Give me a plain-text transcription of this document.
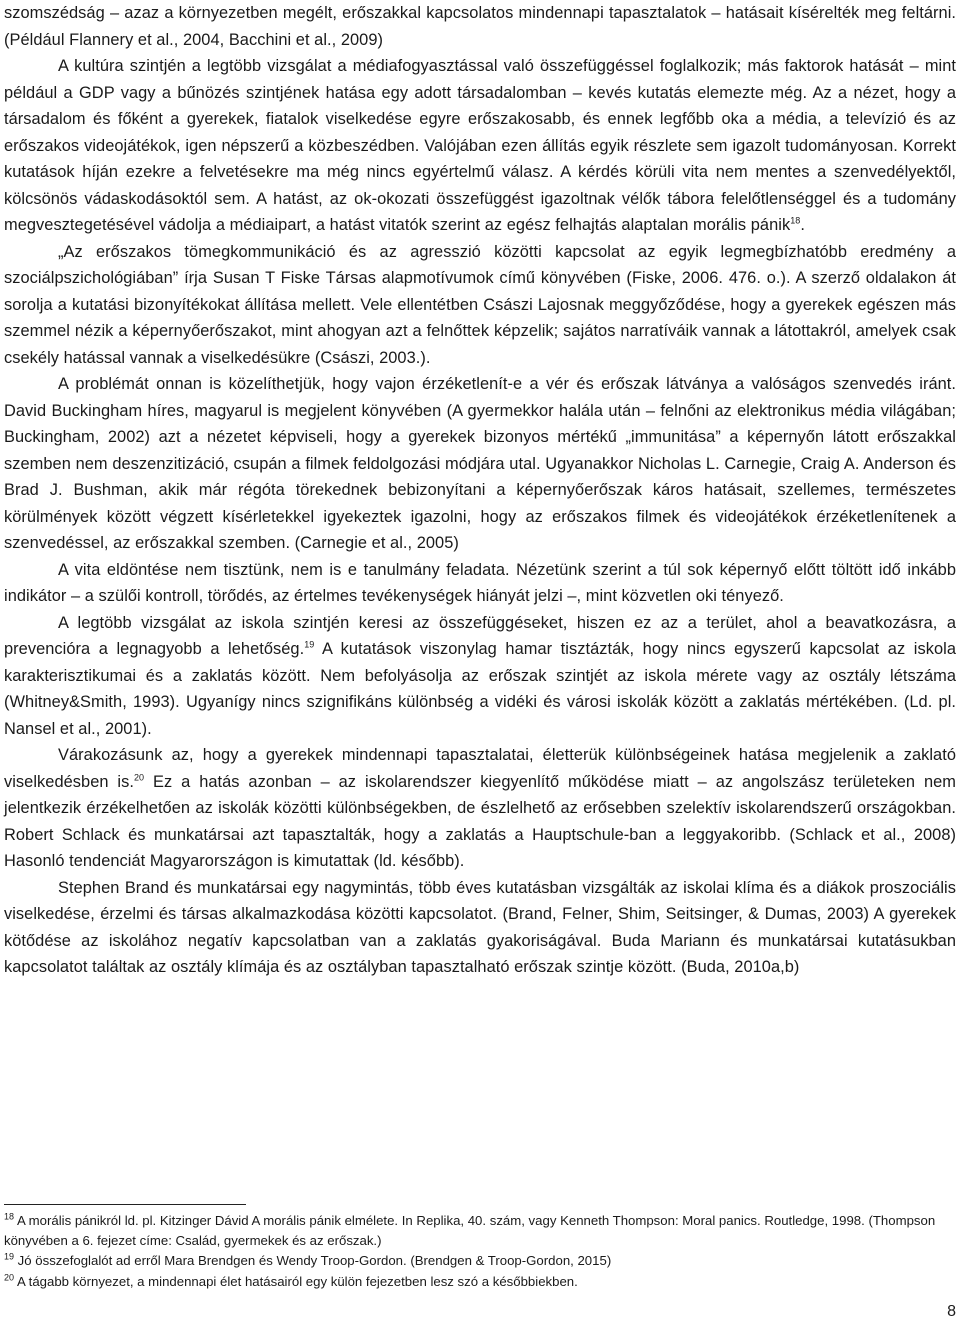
szomszédság – azaz a környezetben megélt, erőszakkal kapcsolatos mindennapi tapasztalatok – hatásait kísérelték meg feltárni. (Például Flannery et al., 2004, Bacchini et al., 2009)

A kultúra szintjén a legtöbb vizsgálat a médiafogyasztással való összefüggéssel foglalkozik; más faktorok hatását – mint például a GDP vagy a bűnözés szintjének hatása egy adott társadalomban – kevés kutatás elemezte még. Az a nézet, hogy a társadalom és főként a gyerekek, fiatalok viselkedése egyre erőszakosabb, és ennek legfőbb oka a média, a televízió és az erőszakos videojátékok, igen népszerű a közbeszédben. Valójában ezen állítás egyik részlete sem igazolt tudományosan. Korrekt kutatások híján ezekre a felvetésekre ma még nincs egyértelmű válasz. A kérdés körüli vita nem mentes a szenvedélyektől, kölcsönös vádaskodásoktól sem. A hatást, az ok-okozati összefüggést igazoltnak vélők tábora felelőtlenséggel és a tudomány megvesztegetésével vádolja a médiaipart, a hatást vitatók szerint az egész felhajtás alaptalan morális pánik$^{18}$.

„Az erőszakos tömegkommunikáció és az agresszió közötti kapcsolat az egyik legmegbízhatóbb eredmény a szociálpszichológiában” írja Susan T Fiske Társas alapmotívumok című könyvében (Fiske, 2006. 476. o.). A szerző oldalakon át sorolja a kutatási bizonyítékokat állítása mellett. Vele ellentétben Császi Lajosnak meggyőződése, hogy a gyerekek egészen más szemmel nézik a képernyőerőszakot, mint ahogyan azt a felnőttek képzelik; sajátos narratíváik vannak a látottakról, amelyek csak csekély hatással vannak a viselkedésükre (Császi, 2003.).

A problémát onnan is közelíthetjük, hogy vajon érzéketlenít-e a vér és erőszak látványa a valóságos szenvedés iránt. David Buckingham híres, magyarul is megjelent könyvében (A gyermekkor halála után – felnőni az elektronikus média világában; Buckingham, 2002) azt a nézetet képviseli, hogy a gyerekek bizonyos mértékű „immunitása” a képernyőn látott erőszakkal szemben nem deszenzitizáció, csupán a filmek feldolgozási módjára utal. Ugyanakkor Nicholas L. Carnegie, Craig A. Anderson és Brad J. Bushman, akik már régóta törekednek bebizonyítani a képernyőerőszak káros hatásait, szellemes, természetes körülmények között végzett kísérletekkel igyekeztek igazolni, hogy az erőszakos filmek és videojátékok érzéketlenítenek a szenvedéssel, az erőszakkal szemben. (Carnegie et al., 2005)

A vita eldöntése nem tisztünk, nem is e tanulmány feladata. Nézetünk szerint a túl sok képernyő előtt töltött idő inkább indikátor – a szülői kontroll, törődés, az értelmes tevékenységek hiányát jelzi –, mint közvetlen oki tényező.

A legtöbb vizsgálat az iskola szintjén keresi az összefüggéseket, hiszen ez az a terület, ahol a beavatkozásra, a prevencióra a legnagyobb a lehetőség.$^{19}$ A kutatások viszonylag hamar tisztázták, hogy nincs egyszerű kapcsolat az iskola karakterisztikumai és a zaklatás között. Nem befolyásolja az erőszak szintjét az iskola mérete vagy az osztály létszáma (Whitney&Smith, 1993). Ugyanígy nincs szignifikáns különbség a vidéki és városi iskolák között a zaklatás mértékében. (Ld. pl. Nansel et al., 2001).

Várakozásunk az, hogy a gyerekek mindennapi tapasztalatai, életterük különbségeinek hatása megjelenik a zaklató viselkedésben is.$^{20}$ Ez a hatás azonban – az iskolarendszer kiegyenlítő működése miatt – az angolszász területeken nem jelentkezik érzékelhetően az iskolák közötti különbségekben, de észlelhető az erősebben szelektív iskolarendszerű országokban. Robert Schlack és munkatársai azt tapasztalták, hogy a zaklatás a Hauptschule-ban a leggyakoribb. (Schlack et al., 2008) Hasonló tendenciát Magyarországon is kimutattak (ld. később).

Stephen Brand és munkatársai egy nagymintás, több éves kutatásban vizsgálták az iskolai klíma és a diákok proszociális viselkedése, érzelmi és társas alkalmazkodása közötti kapcsolatot. (Brand, Felner, Shim, Seitsinger, & Dumas, 2003) A gyerekek kötődése az iskolához negatív kapcsolatban van a zaklatás gyakoriságával. Buda Mariann és munkatársai kutatásukban kapcsolatot találtak az osztály klímája és az osztályban tapasztalható erőszak szintje között. (Buda, 2010a,b)

$^{18}$ A morális pánikról ld. pl. Kitzinger Dávid A morális pánik elmélete. In Replika, 40. szám, vagy Kenneth Thompson: Moral panics. Routledge, 1998. (Thompson könyvében a 6. fejezet címe: Család, gyermekek és az erőszak.)

$^{19}$ Jó összefoglalót ad erről Mara Brendgen és Wendy Troop-Gordon. (Brendgen & Troop-Gordon, 2015)

$^{20}$ A tágabb környezet, a mindennapi élet hatásairól egy külön fejezetben lesz szó a későbbiekben.

8
